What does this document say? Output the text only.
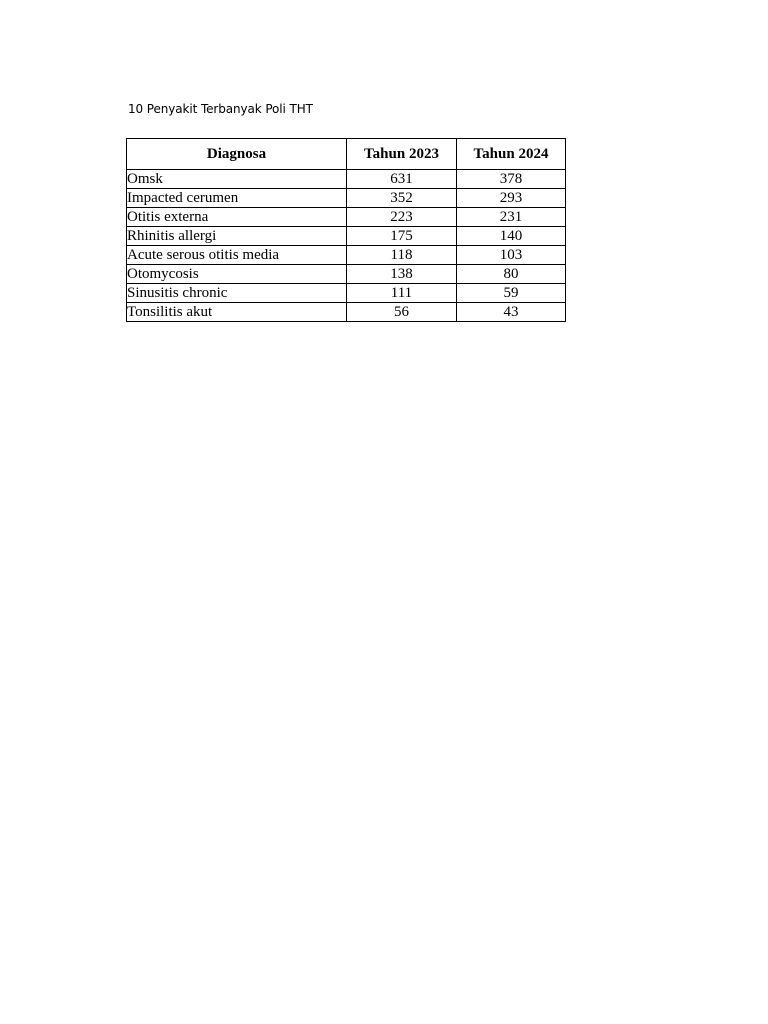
10 Penyakit Terbanyak Poli THT
Diagnosa	Tahun 2023	Tahun 2024
Omsk	631	378
Impacted cerumen	352	293
Otitis externa	223	231
Rhinitis allergi	175	140
Acute serous otitis media	118	103
Otomycosis	138	80
Sinusitis chronic	111	59
Tonsilitis akut	56	43
